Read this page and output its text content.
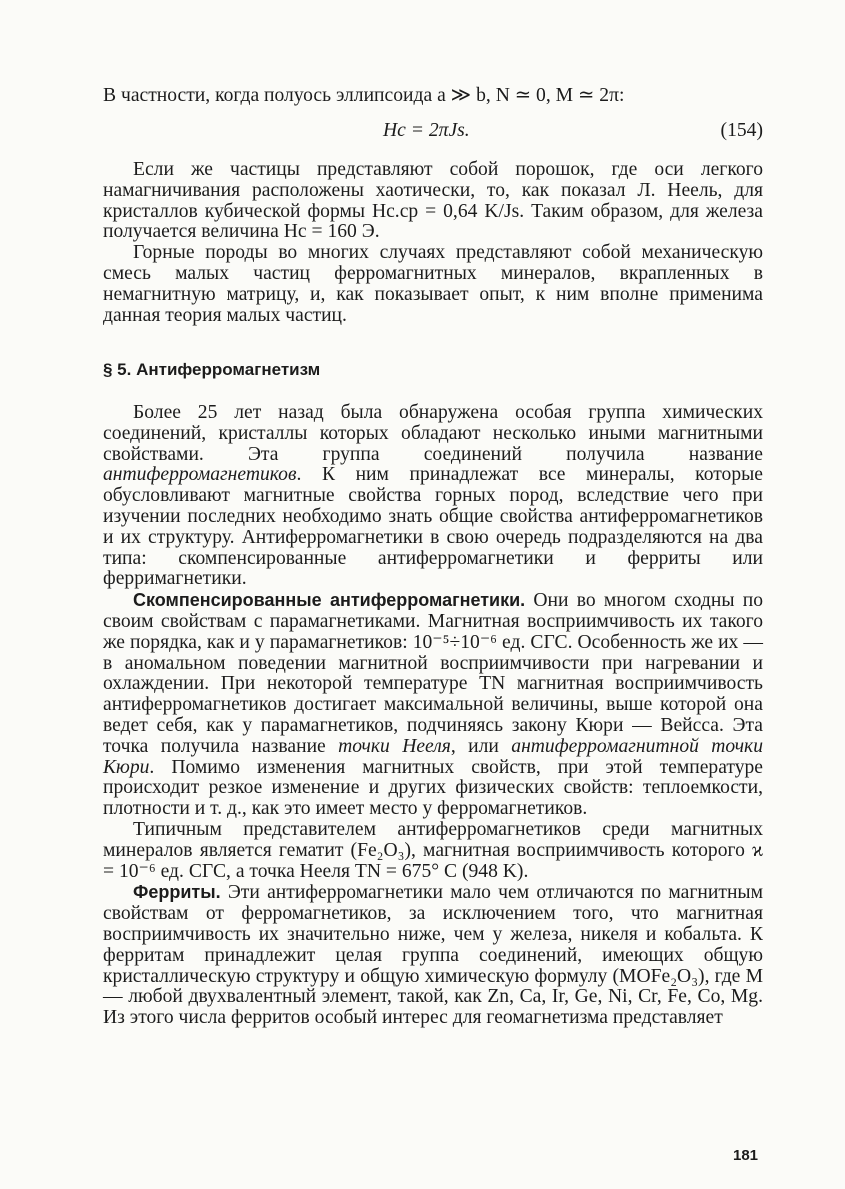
В частности, когда полуось эллипсоида a ≫ b, N ≃ 0, M ≃ 2π:

Hc = 2πJs.	(154)

Если же частицы представляют собой порошок, где оси легкого намагничивания расположены хаотически, то, как показал Л. Неель, для кристаллов кубической формы Hc.cp = 0,64 K/Js. Таким образом, для железа получается величина Hc = 160 Э.

Горные породы во многих случаях представляют собой механическую смесь малых частиц ферромагнитных минералов, вкрапленных в немагнитную матрицу, и, как показывает опыт, к ним вполне применима данная теория малых частиц.

§ 5. Антиферромагнетизм

Более 25 лет назад была обнаружена особая группа химических соединений, кристаллы которых обладают несколько иными магнитными свойствами. Эта группа соединений получила название антиферромагнетиков. К ним принадлежат все минералы, которые обусловливают магнитные свойства горных пород, вследствие чего при изучении последних необходимо знать общие свойства антиферромагнетиков и их структуру. Антиферромагнетики в свою очередь подразделяются на два типа: скомпенсированные антиферромагнетики и ферриты или ферримагнетики.

Скомпенсированные антиферромагнетики. Они во многом сходны по своим свойствам с парамагнетиками. Магнитная восприимчивость их такого же порядка, как и у парамагнетиков: 10⁻⁵÷10⁻⁶ ед. СГС. Особенность же их — в аномальном поведении магнитной восприимчивости при нагревании и охлаждении. При некоторой температуре TN магнитная восприимчивость антиферромагнетиков достигает максимальной величины, выше которой она ведет себя, как у парамагнетиков, подчиняясь закону Кюри — Вейсса. Эта точка получила название точки Нееля, или антиферромагнитной точки Кюри. Помимо изменения магнитных свойств, при этой температуре происходит резкое изменение и других физических свойств: теплоемкости, плотности и т. д., как это имеет место у ферромагнетиков.

Типичным представителем антиферромагнетиков среди магнитных минералов является гематит (Fe₂O₃), магнитная восприимчивость которого ϰ = 10⁻⁶ ед. СГС, а точка Нееля TN = 675° C (948 K).

Ферриты. Эти антиферромагнетики мало чем отличаются по магнитным свойствам от ферромагнетиков, за исключением того, что магнитная восприимчивость их значительно ниже, чем у железа, никеля и кобальта. К ферритам принадлежит целая группа соединений, имеющих общую кристаллическую структуру и общую химическую формулу (MOFe₂O₃), где M — любой двухвалентный элемент, такой, как Zn, Ca, Ir, Ge, Ni, Cr, Fe, Co, Mg. Из этого числа ферритов особый интерес для геомагнетизма представляет

181
